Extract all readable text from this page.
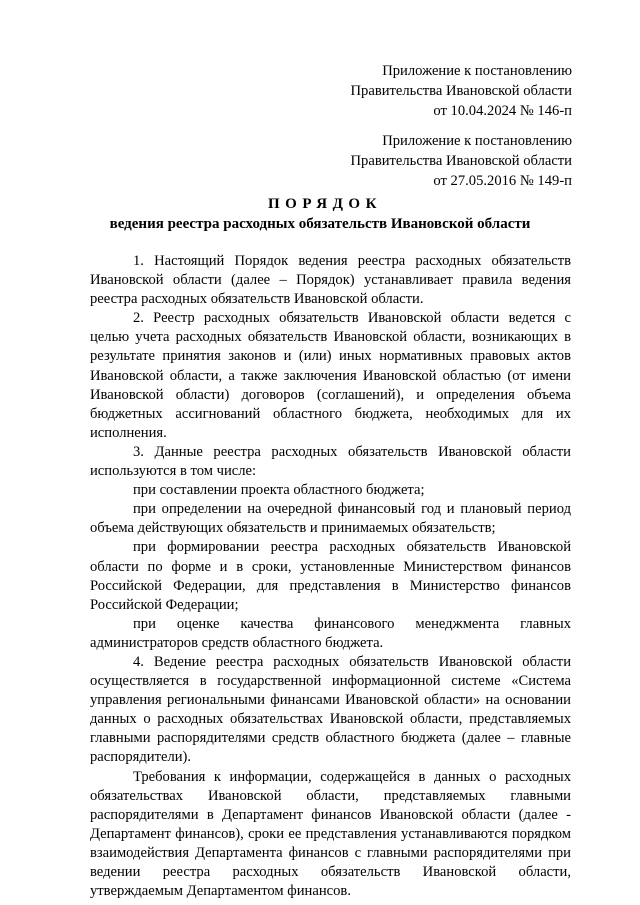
Приложение к постановлению
Правительства Ивановской области
от 10.04.2024 № 146-п
Приложение к постановлению
Правительства Ивановской области
от 27.05.2016 № 149-п
ПОРЯДОК
ведения реестра расходных обязательств Ивановской области

1. Настоящий Порядок ведения реестра расходных обязательств Ивановской области (далее – Порядок) устанавливает правила ведения реестра расходных обязательств Ивановской области.

2. Реестр расходных обязательств Ивановской области ведется с целью учета расходных обязательств Ивановской области, возникающих в результате принятия законов и (или) иных нормативных правовых актов Ивановской области, а также заключения Ивановской областью (от имени Ивановской области) договоров (соглашений), и определения объема бюджетных ассигнований областного бюджета, необходимых для их исполнения.

3. Данные реестра расходных обязательств Ивановской области используются в том числе:

при составлении проекта областного бюджета;

при определении на очередной финансовый год и плановый период объема действующих обязательств и принимаемых обязательств;

при формировании реестра расходных обязательств Ивановской области по форме и в сроки, установленные Министерством финансов Российской Федерации, для представления в Министерство финансов Российской Федерации;

при оценке качества финансового менеджмента главных администраторов средств областного бюджета.

4. Ведение реестра расходных обязательств Ивановской области осуществляется в государственной информационной системе «Система управления региональными финансами Ивановской области» на основании данных о расходных обязательствах Ивановской области, представляемых главными распорядителями средств областного бюджета (далее – главные распорядители).

Требования к информации, содержащейся в данных о расходных обязательствах Ивановской области, представляемых главными распорядителями в Департамент финансов Ивановской области (далее - Департамент финансов), сроки ее представления устанавливаются порядком взаимодействия Департамента финансов с главными распорядителями при ведении реестра расходных обязательств Ивановской области, утверждаемым Департаментом финансов.
